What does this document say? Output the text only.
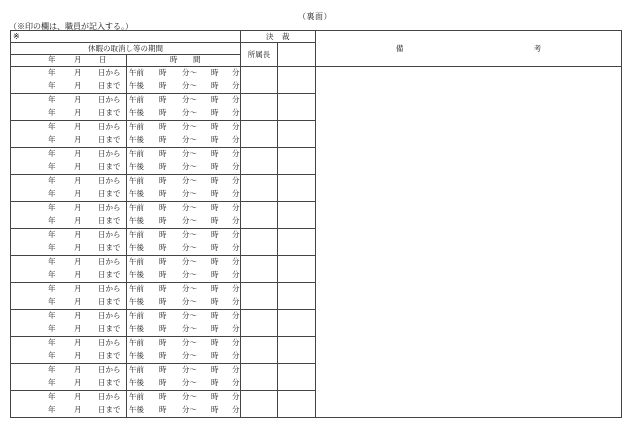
（裏面）
（※印の欄は、職員が記入する。）
※		決　裁		備 考
休暇の取消し等の期間		所属長		

年 月 日	時 間			

年 月 日から	午前 時 分～ 時 分			

年 月 日まで	午後 時 分～ 時 分			

年 月 日から	午前 時 分～ 時 分			

年 月 日まで	午後 時 分～ 時 分			

年 月 日から	午前 時 分～ 時 分			

年 月 日まで	午後 時 分～ 時 分			

年 月 日から	午前 時 分～ 時 分			

年 月 日まで	午後 時 分～ 時 分			

年 月 日から	午前 時 分～ 時 分			

年 月 日まで	午後 時 分～ 時 分			

年 月 日から	午前 時 分～ 時 分			

年 月 日まで	午後 時 分～ 時 分			

年 月 日から	午前 時 分～ 時 分			

年 月 日まで	午後 時 分～ 時 分			

年 月 日から	午前 時 分～ 時 分			

年 月 日まで	午後 時 分～ 時 分			

年 月 日から	午前 時 分～ 時 分			

年 月 日まで	午後 時 分～ 時 分			

年 月 日から	午前 時 分～ 時 分			

年 月 日まで	午後 時 分～ 時 分			

年 月 日から	午前 時 分～ 時 分			

年 月 日まで	午後 時 分～ 時 分			

年 月 日から	午前 時 分～ 時 分			

年 月 日まで	午後 時 分～ 時 分			

年 月 日から	午前 時 分～ 時 分			

年 月 日まで	午後 時 分～ 時 分			
